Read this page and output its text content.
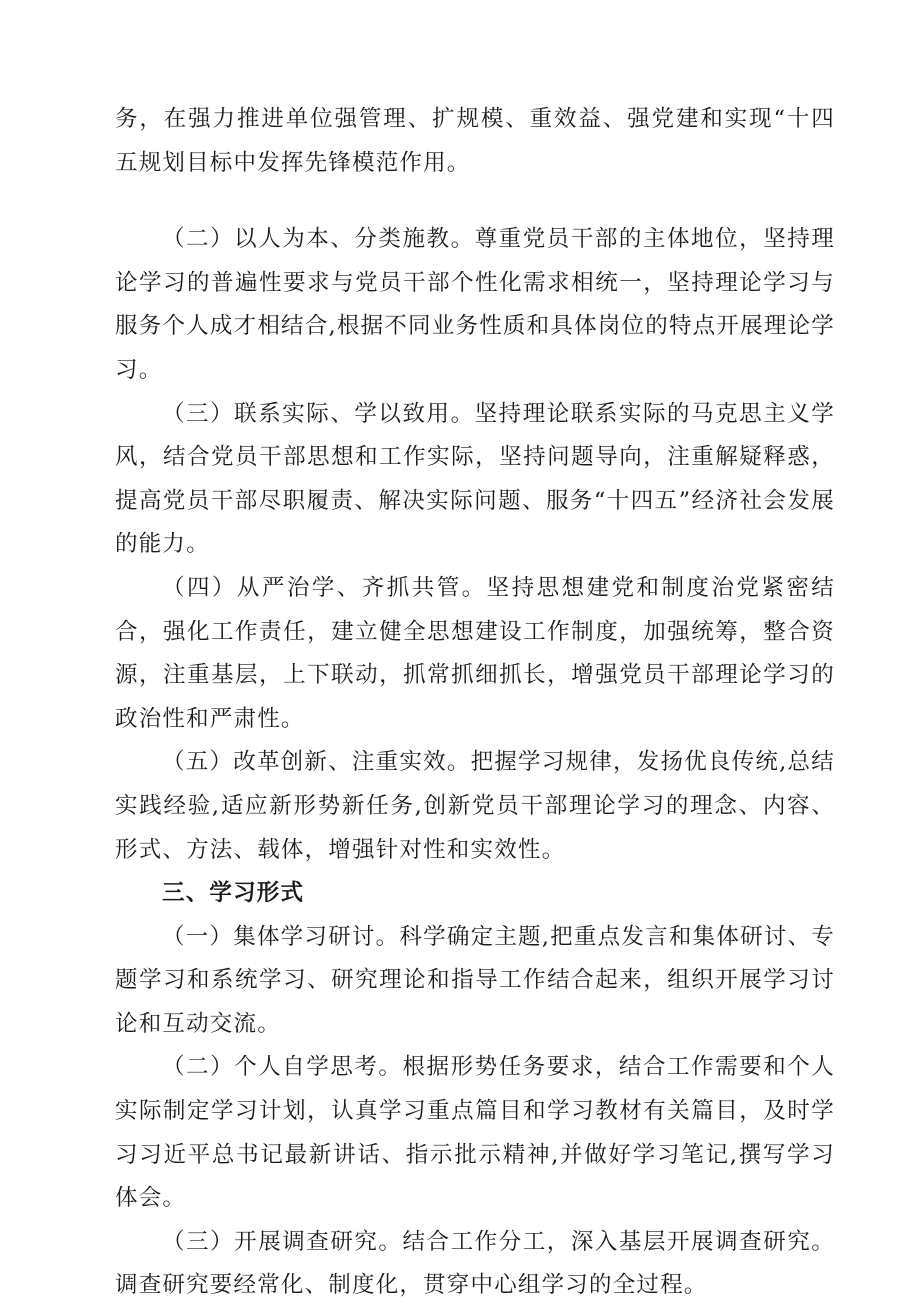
务，在强力推进单位强管理、扩规模、重效益、强党建和实现“十四五规划目标中发挥先锋模范作用。

（二）以人为本、分类施教。尊重党员干部的主体地位，坚持理论学习的普遍性要求与党员干部个性化需求相统一，坚持理论学习与服务个人成才相结合,根据不同业务性质和具体岗位的特点开展理论学习。

（三）联系实际、学以致用。坚持理论联系实际的马克思主义学风，结合党员干部思想和工作实际，坚持问题导向，注重解疑释惑，提高党员干部尽职履责、解决实际问题、服务“十四五”经济社会发展的能力。

（四）从严治学、齐抓共管。坚持思想建党和制度治党紧密结合，强化工作责任，建立健全思想建设工作制度，加强统筹，整合资源，注重基层，上下联动，抓常抓细抓长，增强党员干部理论学习的政治性和严肃性。

（五）改革创新、注重实效。把握学习规律，发扬优良传统,总结实践经验,适应新形势新任务,创新党员干部理论学习的理念、内容、形式、方法、载体，增强针对性和实效性。

三、学习形式

（一）集体学习研讨。科学确定主题,把重点发言和集体研讨、专题学习和系统学习、研究理论和指导工作结合起来，组织开展学习讨论和互动交流。

（二）个人自学思考。根据形势任务要求，结合工作需要和个人实际制定学习计划，认真学习重点篇目和学习教材有关篇目，及时学习习近平总书记最新讲话、指示批示精神,并做好学习笔记,撰写学习体会。

（三）开展调查研究。结合工作分工，深入基层开展调查研究。调查研究要经常化、制度化，贯穿中心组学习的全过程。
